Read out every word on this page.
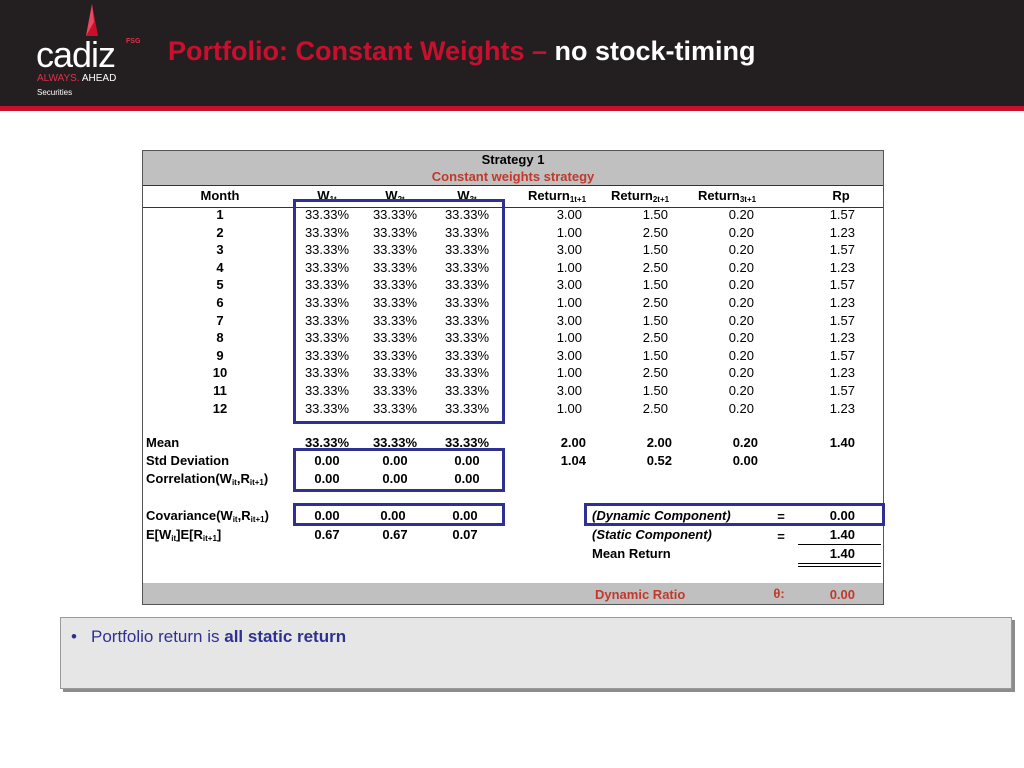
cadiz FSG
ALWAYS. AHEAD
Securities
Portfolio: Constant Weights – no stock-timing
Strategy 1
Constant weights strategy
Month	$W_{1t}$	$W_{2t}$	$W_{3t}$	Return$_{1t+1}$ Return$_{2t+1}$ Return$_{3t+1}$	Rp
1	33.33% 33.33% 33.33%	3.00	1.50	0.20	1.57
2	33.33% 33.33% 33.33%	1.00	2.50	0.20	1.23
3	33.33% 33.33% 33.33%	3.00	1.50	0.20	1.57
4	33.33% 33.33% 33.33%	1.00	2.50	0.20	1.23
5	33.33% 33.33% 33.33%	3.00	1.50	0.20	1.57
6	33.33% 33.33% 33.33%	1.00	2.50	0.20	1.23
7	33.33% 33.33% 33.33%	3.00	1.50	0.20	1.57
8	33.33% 33.33% 33.33%	1.00	2.50	0.20	1.23
9	33.33% 33.33% 33.33%	3.00	1.50	0.20	1.57
10	33.33% 33.33% 33.33%	1.00	2.50	0.20	1.23
11	33.33% 33.33% 33.33%	3.00	1.50	0.20	1.57
12	33.33% 33.33% 33.33%	1.00	2.50	0.20	1.23
Mean	33.33% 33.33% 33.33%	2.00	2.00	0.20	1.40
Std Deviation	0.00	0.00	0.00	1.04	0.52	0.00
$Correlation(W_{it},R_{it+1})$	0.00	0.00	0.00
$Covariance(W_{it},R_{it+1})$	0.00	0.00	0.00
$E[W_{it}]E[R_{it+1}]$	0.67	0.67	0.07
(Dynamic Component)	=	0.00
(Static Component)	=	1.40
Mean Return	1.40
Dynamic Ratio	θ:	0.00
• Portfolio return is all static return
